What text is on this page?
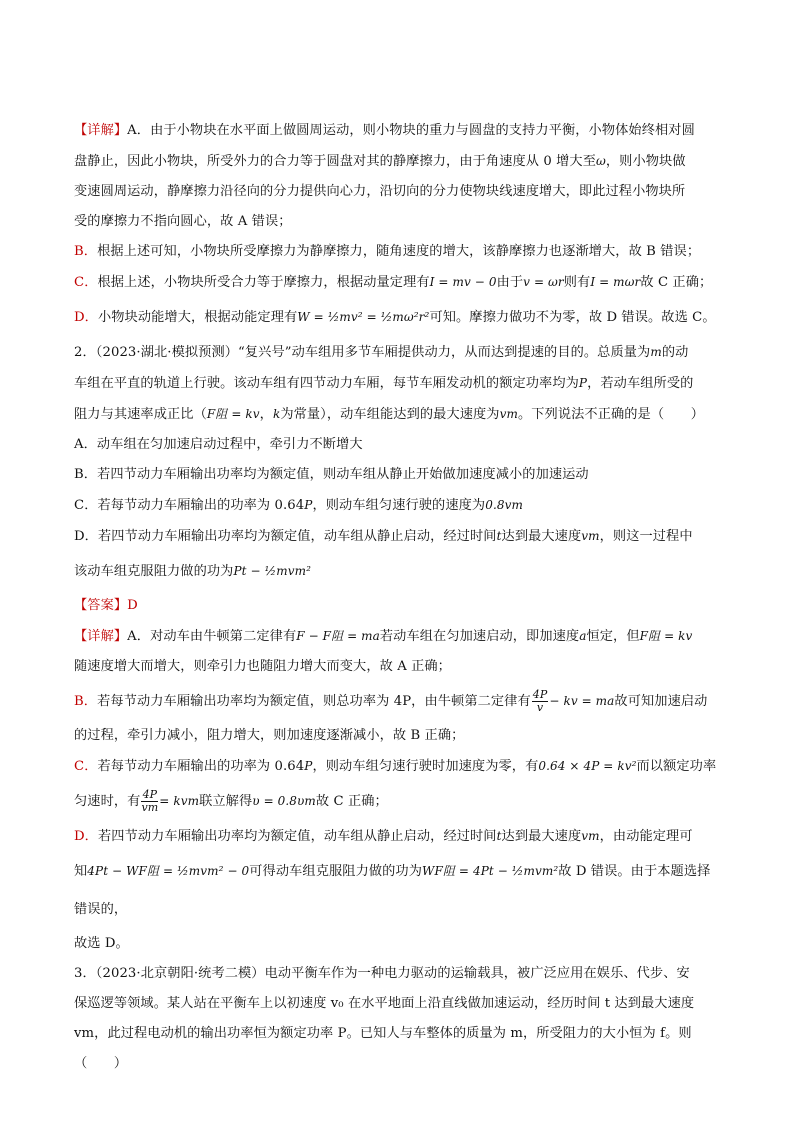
【详解】A．由于小物块在水平面上做圆周运动，则小物块的重力与圆盘的支持力平衡，小物体始终相对圆

盘静止，因此小物块，所受外力的合力等于圆盘对其的静摩擦力，由于角速度从 0 增大至ω，则小物块做

变速圆周运动，静摩擦力沿径向的分力提供向心力，沿切向的分力使物块线速度增大，即此过程小物块所

受的摩擦力不指向圆心，故 A 错误；

B．根据上述可知，小物块所受摩擦力为静摩擦力，随角速度的增大，该静摩擦力也逐渐增大，故 B 错误；

C．根据上述，小物块所受合力等于摩擦力，根据动量定理有I = mv − 0由于v = ωr则有I = mωr故 C 正确；

D．小物块动能增大，根据动能定理有W = ½mv² = ½mω²r²可知。摩擦力做功不为零，故 D 错误。故选 C。

2．（2023·湖北·模拟预测）“复兴号”动车组用多节车厢提供动力，从而达到提速的目的。总质量为m的动

车组在平直的轨道上行驶。该动车组有四节动力车厢，每节车厢发动机的额定功率均为P，若动车组所受的

阻力与其速率成正比（F阻 = kv，k为常量），动车组能达到的最大速度为vm。下列说法不正确的是（　　）

A．动车组在匀加速启动过程中，牵引力不断增大

B．若四节动力车厢输出功率均为额定值，则动车组从静止开始做加速度减小的加速运动

C．若每节动力车厢输出的功率为 0.64P，则动车组匀速行驶的速度为0.8vm

D．若四节动力车厢输出功率均为额定值，动车组从静止启动，经过时间t达到最大速度vm，则这一过程中

该动车组克服阻力做的功为Pt − ½mvm²

【答案】D

【详解】A．对动车由牛顿第二定律有F − F阻 = ma若动车组在匀加速启动，即加速度a恒定，但F阻 = kv

随速度增大而增大，则牵引力也随阻力增大而变大，故 A 正确；

B．若每节动力车厢输出功率均为额定值，则总功率为 4P，由牛顿第二定律有 $\frac{4P}{v}$ − kv = ma故可知加速启动

的过程，牵引力减小，阻力增大，则加速度逐渐减小，故 B 正确；

C．若每节动力车厢输出的功率为 0.64P，则动车组匀速行驶时加速度为零，有0.64 × 4P = kv²而以额定功率

匀速时，有 $\frac{4P}{vm}$ = kvm联立解得υ = 0.8υm故 C 正确；

D．若四节动力车厢输出功率均为额定值，动车组从静止启动，经过时间t达到最大速度vm，由动能定理可

知4Pt − WF阻 = ½mvm² − 0可得动车组克服阻力做的功为WF阻 = 4Pt − ½mvm²故 D 错误。由于本题选择错误的，

故选 D。

3．（2023·北京朝阳·统考二模）电动平衡车作为一种电力驱动的运输载具，被广泛应用在娱乐、代步、安

保巡逻等领域。某人站在平衡车上以初速度 v₀ 在水平地面上沿直线做加速运动，经历时间 t 达到最大速度

vm，此过程电动机的输出功率恒为额定功率 P。已知人与车整体的质量为 m，所受阻力的大小恒为 f。则

（　　）
